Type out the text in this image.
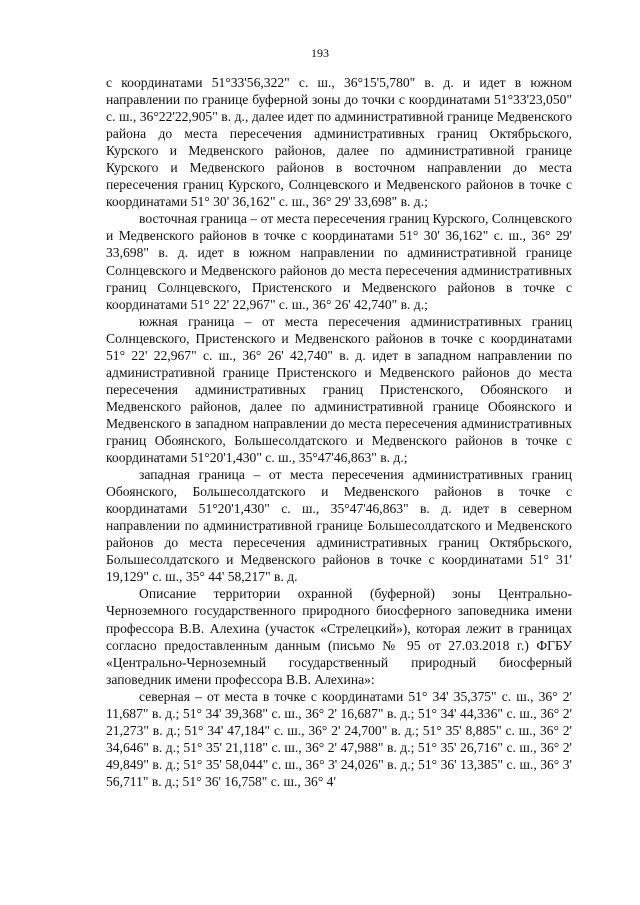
193

с координатами 51°33'56,322" с. ш., 36°15'5,780" в. д. и идет в южном направлении по границе буферной зоны до точки с координатами 51°33'23,050" с. ш., 36°22'22,905" в. д., далее идет по административной границе Медвенского района до места пересечения административных границ Октябрьского, Курского и Медвенского районов, далее по административной границе Курского и Медвенского районов в восточном направлении до места пересечения границ Курского, Солнцевского и Медвенского районов в точке с координатами 51° 30' 36,162" с. ш., 36° 29' 33,698" в. д.;

восточная граница – от места пересечения границ Курского, Солнцевского и Медвенского районов в точке с координатами 51° 30' 36,162" с. ш., 36° 29' 33,698" в. д. идет в южном направлении по административной границе Солнцевского и Медвенского районов до места пересечения административных границ Солнцевского, Пристенского и Медвенского районов в точке с координатами 51° 22' 22,967" с. ш., 36° 26' 42,740" в. д.;

южная граница – от места пересечения административных границ Солнцевского, Пристенского и Медвенского районов в точке с координатами 51° 22' 22,967" с. ш., 36° 26' 42,740" в. д. идет в западном направлении по административной границе Пристенского и Медвенского районов до места пересечения административных границ Пристенского, Обоянского и Медвенского районов, далее по административной границе Обоянского и Медвенского в западном направлении до места пересечения административных границ Обоянского, Большесолдатского и Медвенского районов в точке с координатами 51°20'1,430" с. ш., 35°47'46,863" в. д.;

западная граница – от места пересечения административных границ Обоянского, Большесолдатского и Медвенского районов в точке с координатами 51°20'1,430" с. ш., 35°47'46,863" в. д. идет в северном направлении по административной границе Большесолдатского и Медвенского районов до места пересечения административных границ Октябрьского, Большесолдатского и Медвенского районов в точке с координатами 51° 31' 19,129" с. ш., 35° 44' 58,217" в. д.

Описание территории охранной (буферной) зоны Центрально-Черноземного государственного природного биосферного заповедника имени профессора В.В. Алехина (участок «Стрелецкий»), которая лежит в границах согласно предоставленным данным (письмо № 95 от 27.03.2018 г.) ФГБУ «Центрально-Черноземный государственный природный биосферный заповедник имени профессора В.В. Алехина»:

северная – от места в точке с координатами 51° 34' 35,375" с. ш., 36° 2' 11,687" в. д.; 51° 34' 39,368" с. ш., 36° 2' 16,687" в. д.; 51° 34' 44,336" с. ш., 36° 2' 21,273" в. д.; 51° 34' 47,184" с. ш., 36° 2' 24,700" в. д.; 51° 35' 8,885" с. ш., 36° 2' 34,646" в. д.; 51° 35' 21,118" с. ш., 36° 2' 47,988" в. д.; 51° 35' 26,716" с. ш., 36° 2' 49,849" в. д.; 51° 35' 58,044" с. ш., 36° 3' 24,026" в. д.; 51° 36' 13,385" с. ш., 36° 3' 56,711" в. д.; 51° 36' 16,758" с. ш., 36° 4'
